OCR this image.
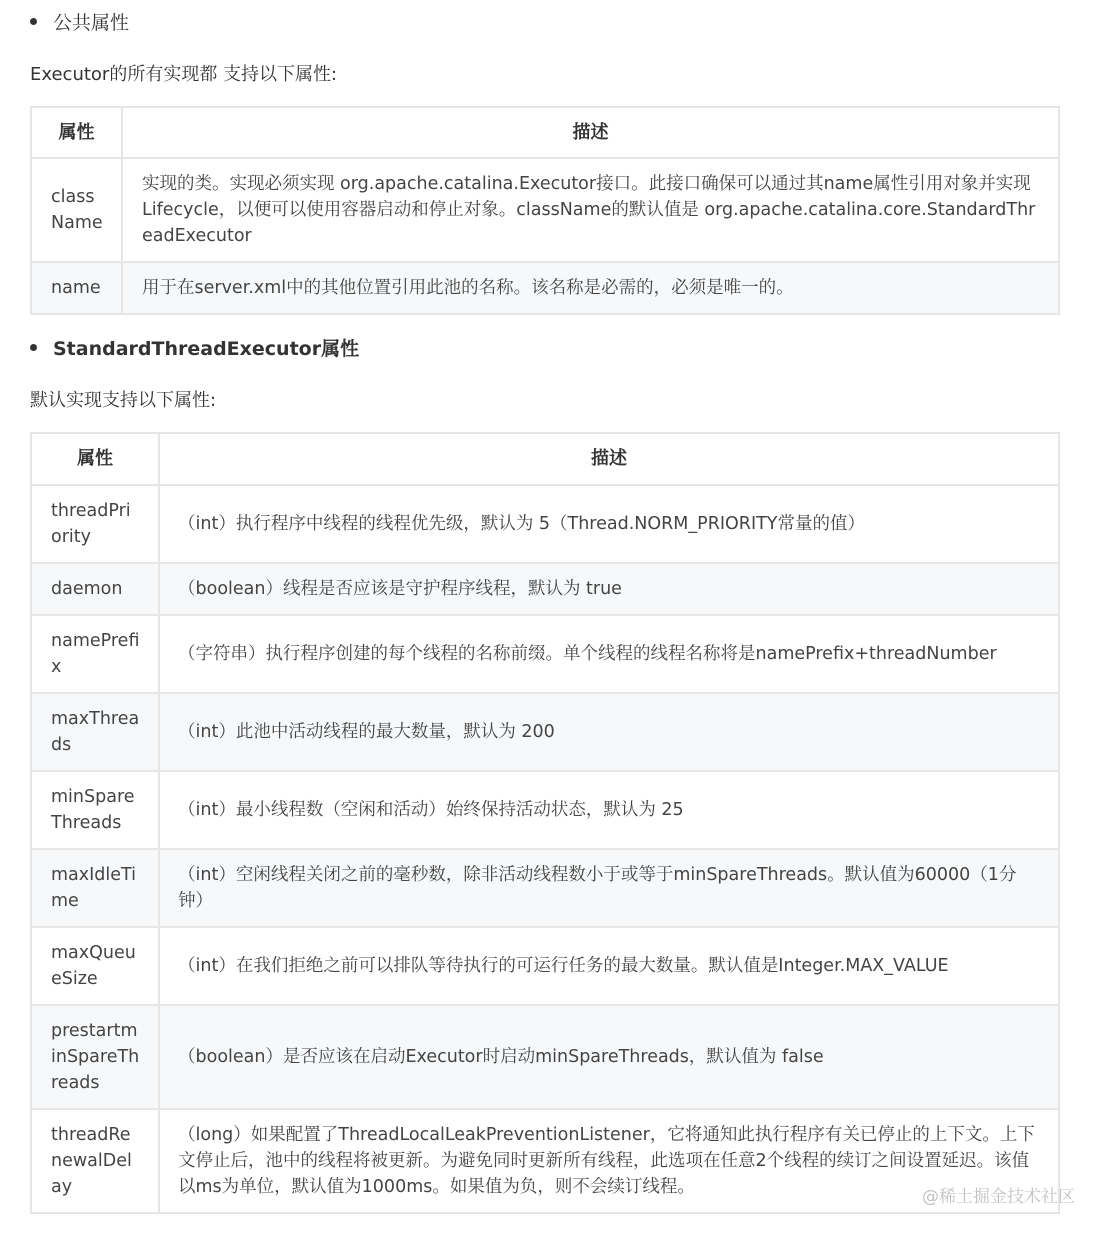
公共属性
Executor的所有实现都 支持以下属性:
属性	描述
class Name	实现的类。实现必须实现 org.apache.catalina.Executor接口。此接口确保可以通过其name属性引用对象并实现Lifecycle，以便可以使用容器启动和停止对象。className的默认值是 org.apache.catalina.core.StandardThreadExecutor
name	用于在server.xml中的其他位置引用此池的名称。该名称是必需的，必须是唯一的。
StandardThreadExecutor属性
默认实现支持以下属性:
属性	描述
threadPriority	（int）执行程序中线程的线程优先级，默认为 5（Thread.NORM_PRIORITY常量的值）
daemon	（boolean）线程是否应该是守护程序线程，默认为 true
namePrefix	（字符串）执行程序创建的每个线程的名称前缀。单个线程的线程名称将是namePrefix+threadNumber
maxThreads	（int）此池中活动线程的最大数量，默认为 200
minSpareThreads	（int）最小线程数（空闲和活动）始终保持活动状态，默认为 25
maxIdleTime	（int）空闲线程关闭之前的毫秒数，除非活动线程数小于或等于minSpareThreads。默认值为60000（1分钟）
maxQueueSize	（int）在我们拒绝之前可以排队等待执行的可运行任务的最大数量。默认值是Integer.MAX_VALUE
prestartminSpareThreads	（boolean）是否应该在启动Executor时启动minSpareThreads，默认值为 false
threadRenewalDelay	（long）如果配置了ThreadLocalLeakPreventionListener，它将通知此执行程序有关已停止的上下文。上下文停止后，池中的线程将被更新。为避免同时更新所有线程，此选项在任意2个线程的续订之间设置延迟。该值以ms为单位，默认值为1000ms。如果值为负，则不会续订线程。	@稀土掘金技术社区
